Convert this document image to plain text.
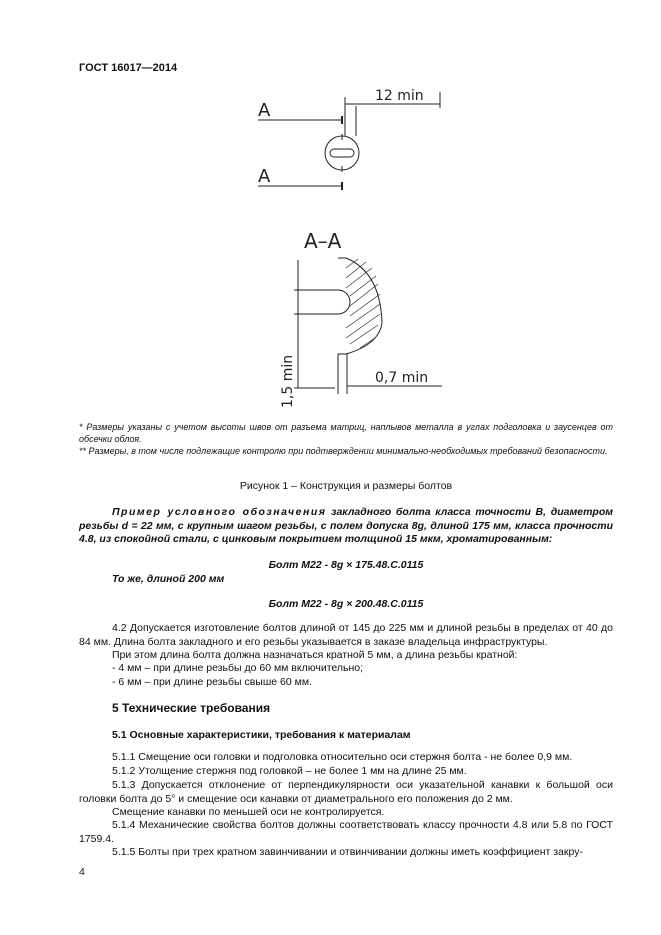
ГОСТ 16017—2014
A
A
12 min
A–A
1,5 min	0,7 min
* Размеры указаны с учетом высоты швов от разъема матриц, наплывов металла в углах подголовка и заусенцев от обсечки облоя.
** Размеры, в том числе подлежащие контролю при подтверждении минимально-необходимых требований безопасности.
Рисунок 1 – Конструкция и размеры болтов
Пример условного обозначения закладного болта класса точности В, диаметром резьбы d = 22 мм, с крупным шагом резьбы, с полем допуска 8g, длиной 175 мм, класса прочности 4.8, из спокойной стали, с цинковым покрытием толщиной 15 мкм, хроматированным:
Болт М22 - 8g × 175.48.С.0115
То же, длиной 200 мм
Болт М22 - 8g × 200.48.С.0115
4.2 Допускается изготовление болтов длиной от 145 до 225 мм и длиной резьбы в пределах от 40 до 84 мм. Длина болта закладного и его резьбы указывается в заказе владельца инфраструктуры.
При этом длина болта должна назначаться кратной 5 мм, а длина резьбы кратной:
- 4 мм – при длине резьбы до 60 мм включительно;
- 6 мм – при длине резьбы свыше 60 мм.
5 Технические требования
5.1 Основные характеристики, требования к материалам
5.1.1 Смещение оси головки и подголовка относительно оси стержня болта - не более 0,9 мм.
5.1.2 Утолщение стержня под головкой – не более 1 мм на длине 25 мм.
5.1.3 Допускается отклонение от перпендикулярности оси указательной канавки к большой оси головки болта до 5° и смещение оси канавки от диаметрального его положения до 2 мм.
Смещение канавки по меньшей оси не контролируется.
5.1.4 Механические свойства болтов должны соответствовать классу прочности 4.8 или 5.8 по ГОСТ 1759.4.
5.1.5 Болты при трех кратном завинчивании и отвинчивании должны иметь коэффициент закру-
4
